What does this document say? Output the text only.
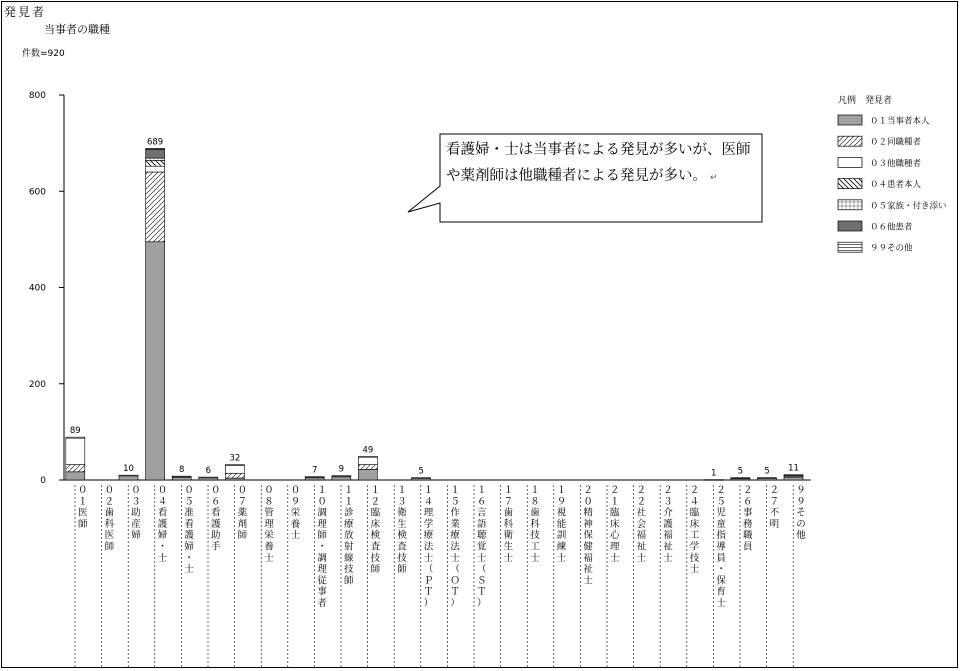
発見者
当事者の職種
件数=920
0
200
400
600
800
89
０１医師
０２歯科医師
10
０３助産婦
689
０４看護婦・士
8
０５准看護婦・士
6
０６看護助手
32
０７薬剤師
０８管理栄養士
０９栄養士
7
１０調理師・調理従事者
9
１１診療放射線技師
49
１２臨床検査技師
１３衛生検査技師
5
１４理学療法士（ＰＴ）
１５作業療法士（ＯＴ）
１６言語聴覚士（ＳＴ）
１７歯科衛生士
１８歯科技工士
１９視能訓練士
２０精神保健福祉士
２１臨床心理士
２２社会福祉士
２３介護福祉士
２４臨床工学技士
1
２５児童指導員・保育士
5
２６事務職員
5
２７不明
11
９９その他
凡例　発見者
０１当事者本人
０２同職種者
０３他職種者
０４患者本人
０５家族・付き添い
０６他患者
９９その他
看護婦・士は当事者による発見が多いが、医師や薬剤師は他職種者による発見が多い。 ↵
